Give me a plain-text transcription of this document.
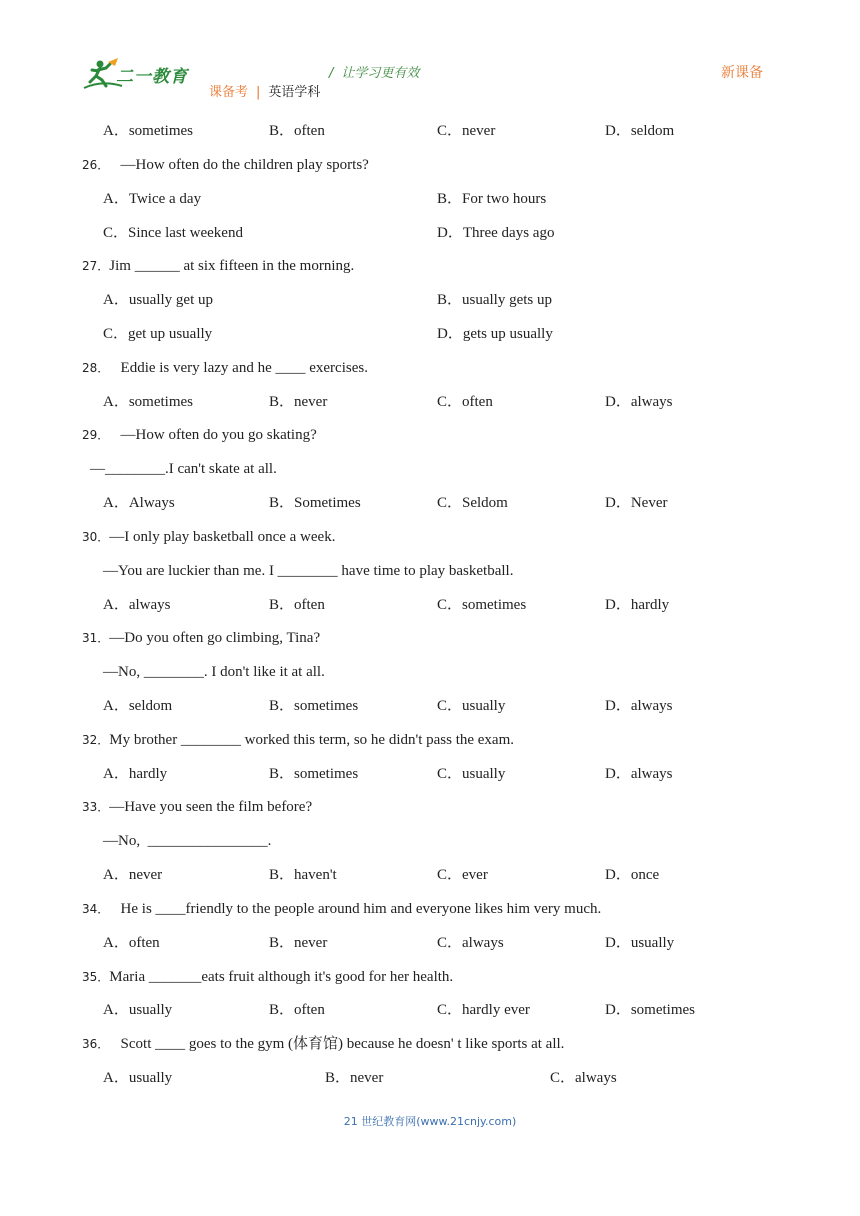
二一教育	/ 让学习更有效
课备考 | 英语学科
新课备
A．sometimes	B．often	C．never	D．seldom
26．   —How often do the children play sports?
A．Twice a day	B．For two hours
C．Since last weekend	D．Three days ago
27．Jim ______ at six fifteen in the morning.
A．usually get up	B．usually gets up
C．get up usually	D．gets up usually
28．   Eddie is very lazy and he ____ exercises.
A．sometimes	B．never	C．often	D．always
29．   —How often do you go skating?
—________.I can't skate at all.
A．Always	B．Sometimes	C．Seldom	D．Never
30．—I only play basketball once a week.
—You are luckier than me. I ________ have time to play basketball.
A．always	B．often	C．sometimes	D．hardly
31．—Do you often go climbing, Tina?
—No, ________. I don't like it at all.
A．seldom	B．sometimes	C．usually	D．always
32．My brother ________ worked this term, so he didn't pass the exam.
A．hardly	B．sometimes	C．usually	D．always
33．—Have you seen the film before?
—No,  ________________.
A．never	B．haven't	C．ever	D．once
34．   He is ____friendly to the people around him and everyone likes him very much.
A．often	B．never	C．always	D．usually
35．Maria _______eats fruit although it's good for her health.
A．usually	B．often	C．hardly ever	D．sometimes
36．   Scott ____ goes to the gym (体育馆) because he doesn' t like sports at all.
A．usually	B．never	C．always
21 世纪教育网(www.21cnjy.com)
